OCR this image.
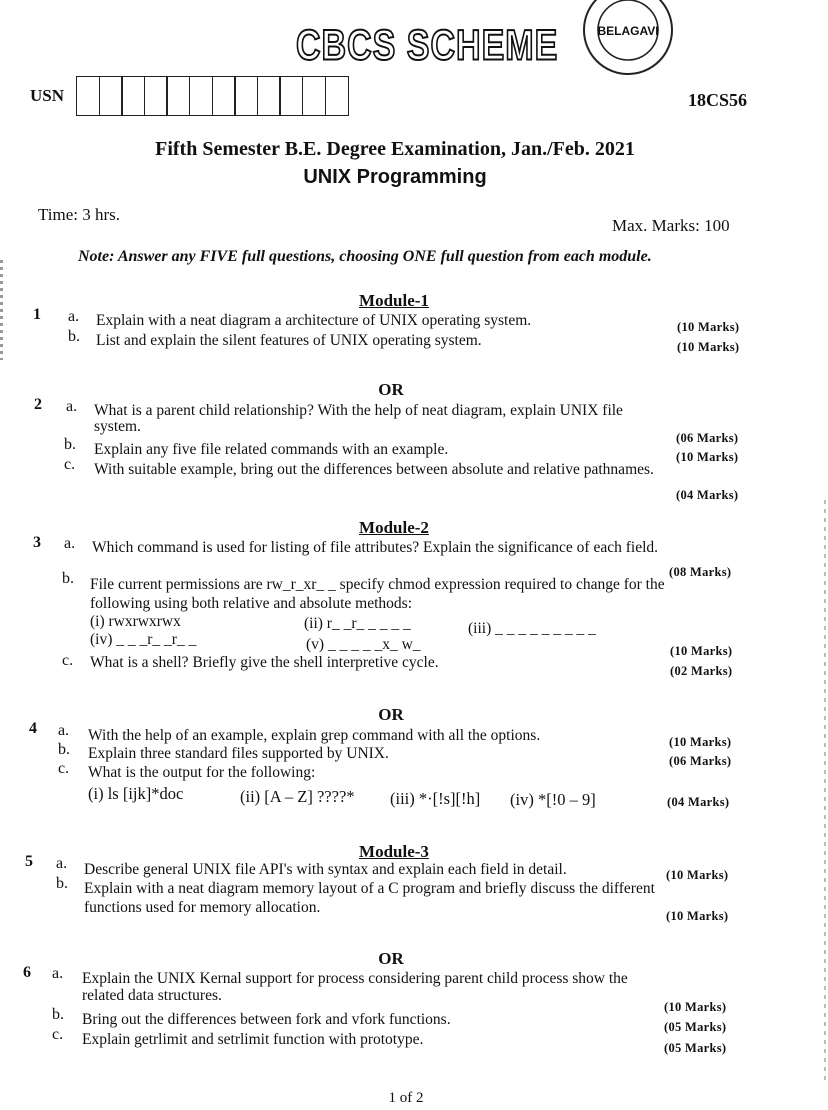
CBCS SCHEME	BELAGAVI
USN	18CS56
Fifth Semester B.E. Degree Examination, Jan./Feb. 2021
UNIX Programming
Time: 3 hrs.
Max. Marks: 100
Note: Answer any FIVE full questions, choosing ONE full question from each module.
Module-1
1 a. Explain with a neat diagram a architecture of UNIX operating system.	(10 Marks)
b. List and explain the silent features of UNIX operating system.	(10 Marks)
OR
2 a. What is a parent child relationship? With the help of neat diagram, explain UNIX file
system.
(06 Marks)
b. Explain any five file related commands with an example.	(10 Marks)
c. With suitable example, bring out the differences between absolute and relative pathnames.
(04 Marks)
Module-2
3 a. Which command is used for listing of file attributes? Explain the significance of each field.
(08 Marks)
b. File current permissions are rw_r_xr_ _ specify chmod expression required to change for the
following using both relative and absolute methods:
(i) rwxrwxrwx	(ii) r_ _r_ _ _ _ _	(iii) _ _ _ _ _ _ _ _ _
(iv) _ _ _r_ _r_ _	(v) _ _ _ _ _x_ w_	(10 Marks)
c. What is a shell? Briefly give the shell interpretive cycle.	(02 Marks)
OR
4 a. With the help of an example, explain grep command with all the options.	(10 Marks)
b. Explain three standard files supported by UNIX.	(06 Marks)
c. What is the output for the following:
(i) ls [ijk]*doc	(ii) [A – Z] ????* (iii) *·[!s][!h] (iv) *[!0 – 9]	(04 Marks)
Module-3
5 a. Describe general UNIX file API's with syntax and explain each field in detail.	(10 Marks)
b. Explain with a neat diagram memory layout of a C program and briefly discuss the different
functions used for memory allocation.	(10 Marks)
OR
6 a. Explain the UNIX Kernal support for process considering parent child process show the
related data structures.
(10 Marks)
b. Bring out the differences between fork and vfork functions.	(05 Marks)
c. Explain getrlimit and setrlimit function with prototype.	(05 Marks)
1 of 2
